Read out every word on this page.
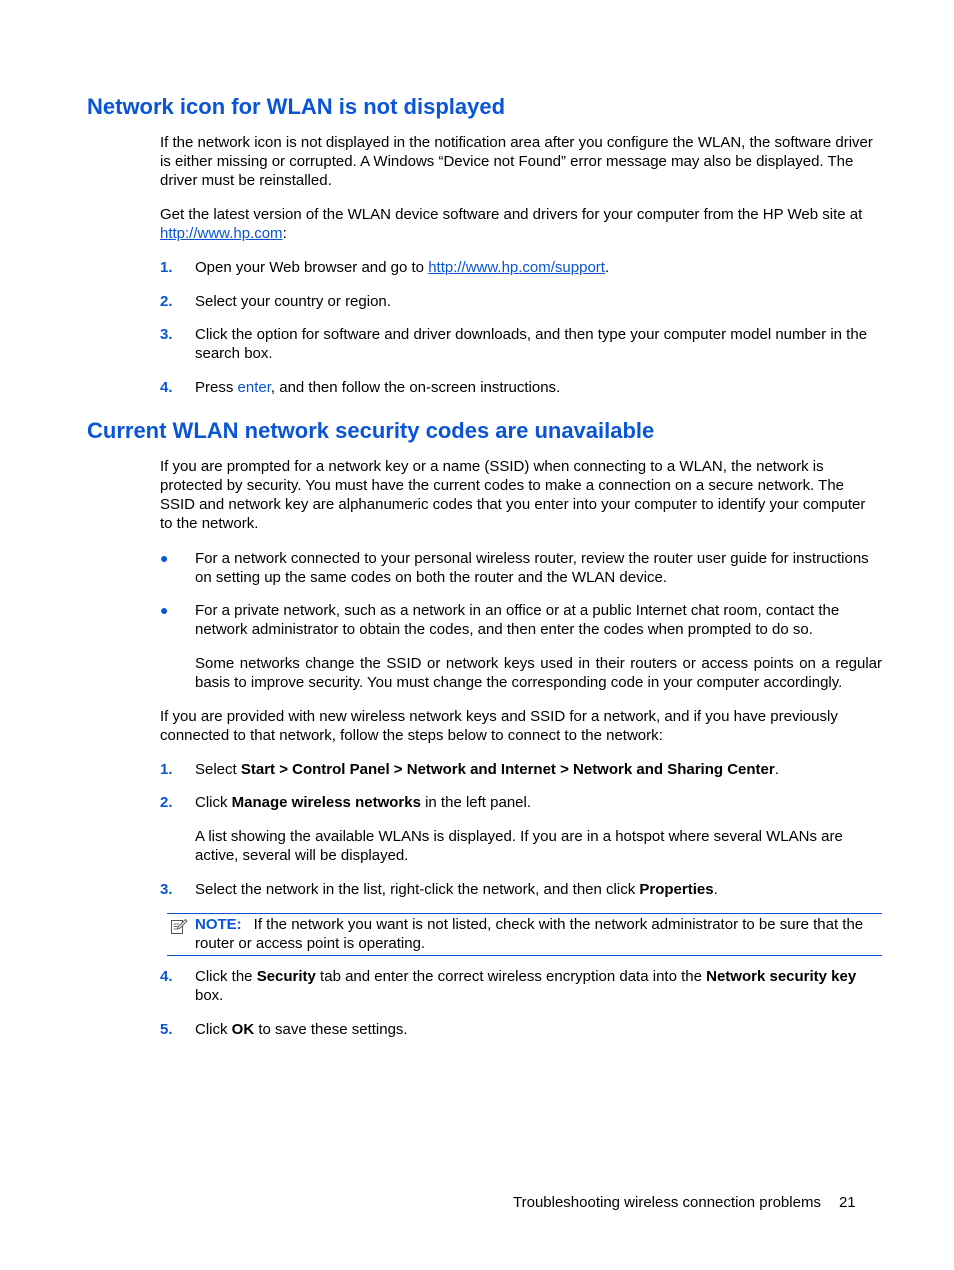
Network icon for WLAN is not displayed

If the network icon is not displayed in the notification area after you configure the WLAN, the software driver is either missing or corrupted. A Windows “Device not Found” error message may also be displayed. The driver must be reinstalled.

Get the latest version of the WLAN device software and drivers for your computer from the HP Web site at http://www.hp.com:

1. Open your Web browser and go to http://www.hp.com/support.
2. Select your country or region.
3. Click the option for software and driver downloads, and then type your computer model number in the search box.
4. Press enter, and then follow the on-screen instructions.
Current WLAN network security codes are unavailable

If you are prompted for a network key or a name (SSID) when connecting to a WLAN, the network is protected by security. You must have the current codes to make a connection on a secure network. The SSID and network key are alphanumeric codes that you enter into your computer to identify your computer to the network.

● For a network connected to your personal wireless router, review the router user guide for instructions on setting up the same codes on both the router and the WLAN device.
● For a private network, such as a network in an office or at a public Internet chat room, contact the network administrator to obtain the codes, and then enter the codes when prompted to do so.

Some networks change the SSID or network keys used in their routers or access points on a regular basis to improve security. You must change the corresponding code in your computer accordingly.

If you are provided with new wireless network keys and SSID for a network, and if you have previously connected to that network, follow the steps below to connect to the network:

1. Select Start > Control Panel > Network and Internet > Network and Sharing Center.
2. Click Manage wireless networks in the left panel.

A list showing the available WLANs is displayed. If you are in a hotspot where several WLANs are active, several will be displayed.

3. Select the network in the list, right-click the network, and then click Properties.
NOTE: If the network you want is not listed, check with the network administrator to be sure that the router or access point is operating.
4. Click the Security tab and enter the correct wireless encryption data into the Network security key box.
5. Click OK to save these settings.
Troubleshooting wireless connection problems 21
